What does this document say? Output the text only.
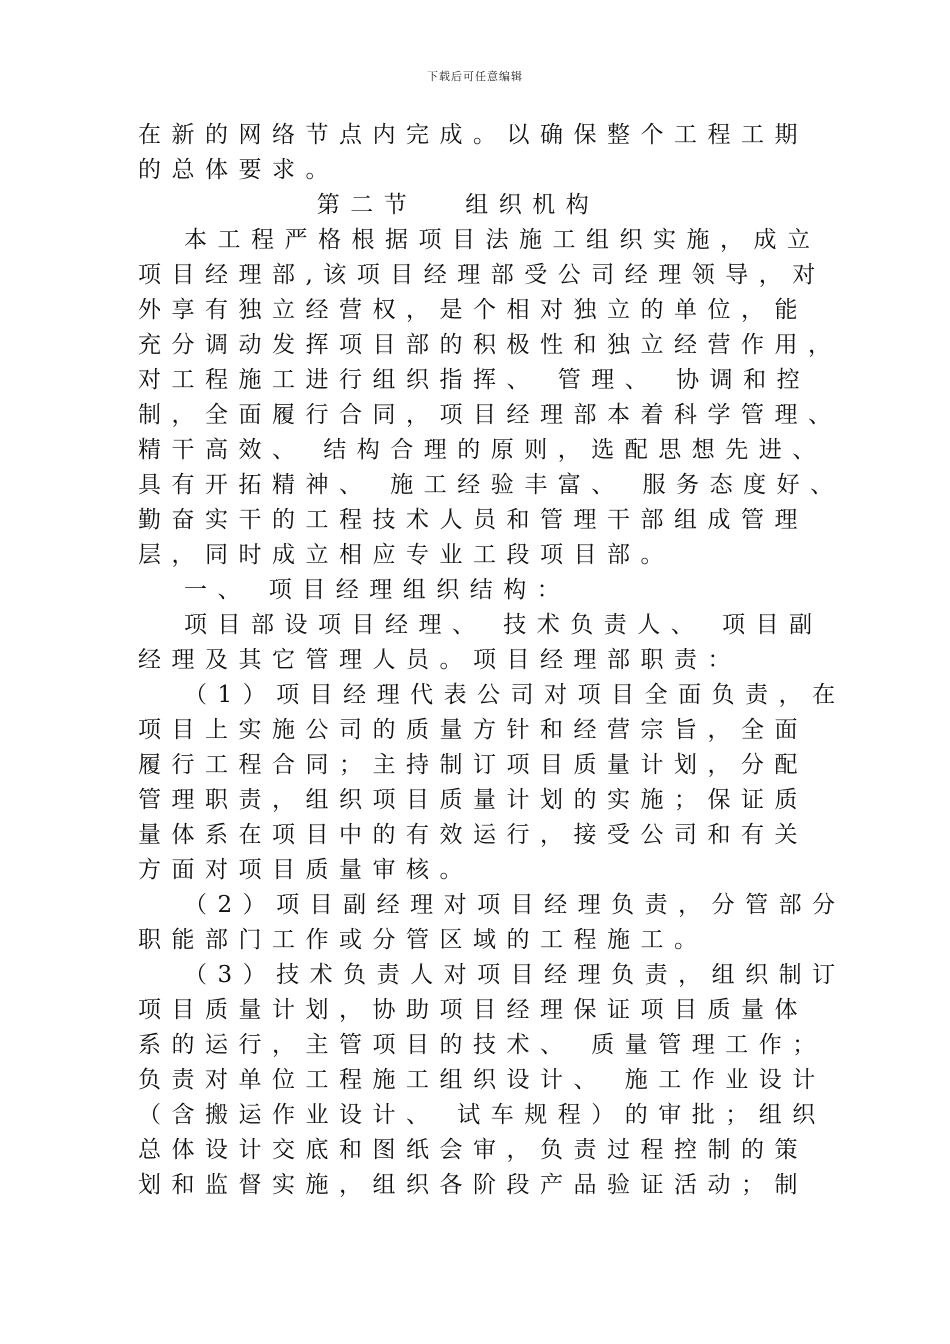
下载后可任意编辑
在新的网络节点内完成。以确保整个工程工期
的总体要求。
第二节 组织机构
本工程严格根据项目法施工组织实施，成立
项目经理部,该项目经理部受公司经理领导，对
外享有独立经营权，是个相对独立的单位，能
充分调动发挥项目部的积极性和独立经营作用，
对工程施工进行组织指挥、 管理、 协调和控
制，全面履行合同，项目经理部本着科学管理、
精干高效、 结构合理的原则，选配思想先进、
具有开拓精神、 施工经验丰富、 服务态度好、
勤奋实干的工程技术人员和管理干部组成管理
层，同时成立相应专业工段项目部。
一、 项目经理组织结构：
项目部设项目经理、 技术负责人、 项目副
经理及其它管理人员。项目经理部职责：
（1）项目经理代表公司对项目全面负责，在
项目上实施公司的质量方针和经营宗旨，全面
履行工程合同；主持制订项目质量计划，分配
管理职责，组织项目质量计划的实施；保证质
量体系在项目中的有效运行，接受公司和有关
方面对项目质量审核。
（2）项目副经理对项目经理负责，分管部分
职能部门工作或分管区域的工程施工。
（3）技术负责人对项目经理负责，组织制订
项目质量计划，协助项目经理保证项目质量体
系的运行，主管项目的技术、 质量管理工作；
负责对单位工程施工组织设计、 施工作业设计
（含搬运作业设计、 试车规程）的审批；组织
总体设计交底和图纸会审，负责过程控制的策
划和监督实施，组织各阶段产品验证活动；制
